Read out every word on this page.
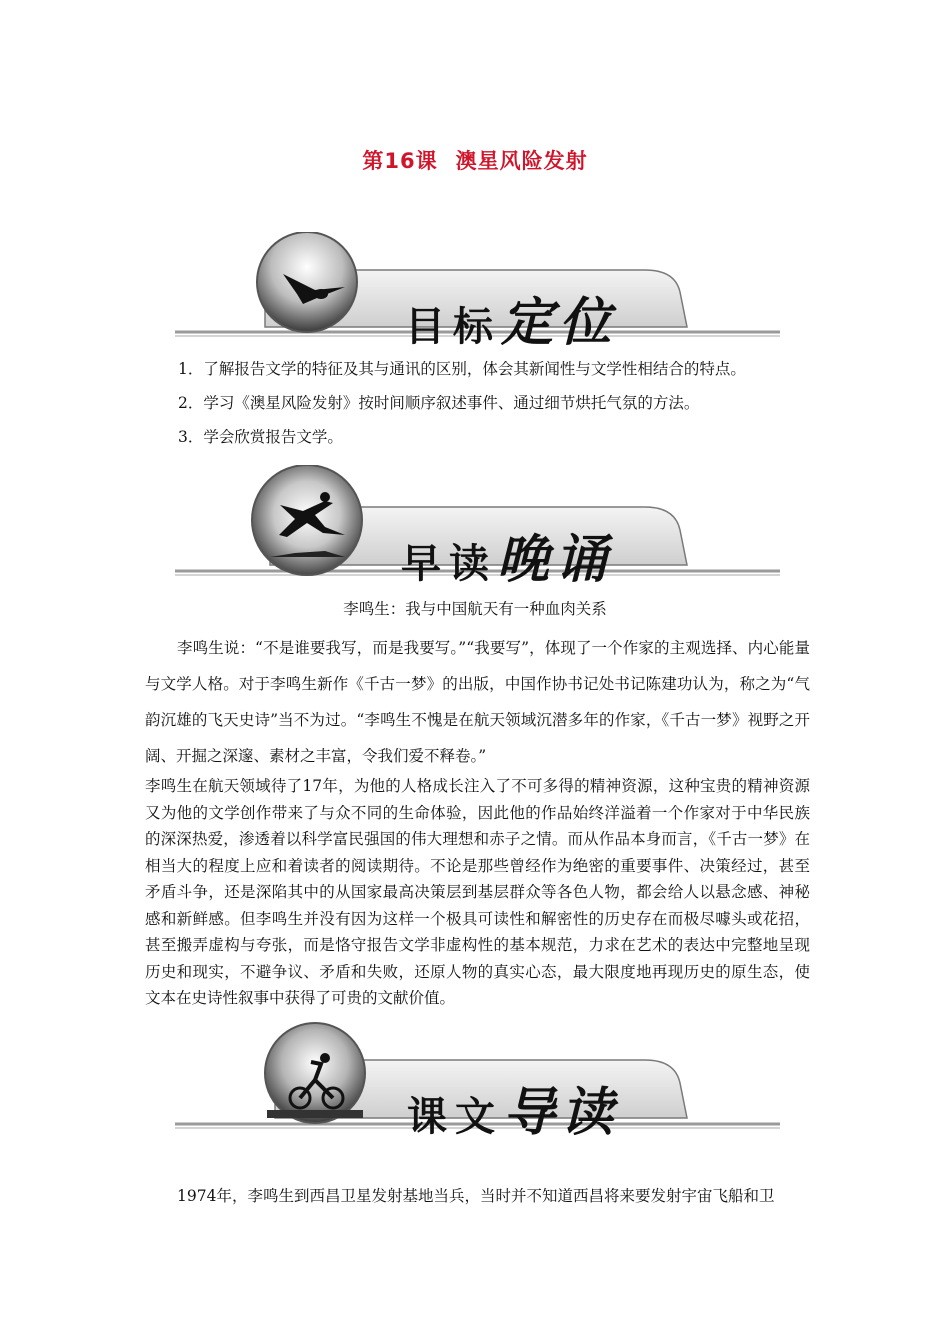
第16课 澳星风险发射
目标定位
1．了解报告文学的特征及其与通讯的区别，体会其新闻性与文学性相结合的特点。
2．学习《澳星风险发射》按时间顺序叙述事件、通过细节烘托气氛的方法。
3．学会欣赏报告文学。
早读晚诵
李鸣生：我与中国航天有一种血肉关系
李鸣生说：“不是谁要我写，而是我要写。”“我要写”，体现了一个作家的主观选择、内心能量与文学人格。对于李鸣生新作《千古一梦》的出版，中国作协书记处书记陈建功认为，称之为“气韵沉雄的飞天史诗”当不为过。“李鸣生不愧是在航天领域沉潜多年的作家，《千古一梦》视野之开阔、开掘之深邃、素材之丰富，令我们爱不释卷。”
李鸣生在航天领域待了17年，为他的人格成长注入了不可多得的精神资源，这种宝贵的精神资源又为他的文学创作带来了与众不同的生命体验，因此他的作品始终洋溢着一个作家对于中华民族的深深热爱，渗透着以科学富民强国的伟大理想和赤子之情。而从作品本身而言，《千古一梦》在相当大的程度上应和着读者的阅读期待。不论是那些曾经作为绝密的重要事件、决策经过，甚至矛盾斗争，还是深陷其中的从国家最高决策层到基层群众等各色人物，都会给人以悬念感、神秘感和新鲜感。但李鸣生并没有因为这样一个极具可读性和解密性的历史存在而极尽噱头或花招，甚至搬弄虚构与夸张，而是恪守报告文学非虚构性的基本规范，力求在艺术的表达中完整地呈现历史和现实，不避争议、矛盾和失败，还原人物的真实心态，最大限度地再现历史的原生态，使文本在史诗性叙事中获得了可贵的文献价值。
课文导读
1974年，李鸣生到西昌卫星发射基地当兵，当时并不知道西昌将来要发射宇宙飞船和卫
